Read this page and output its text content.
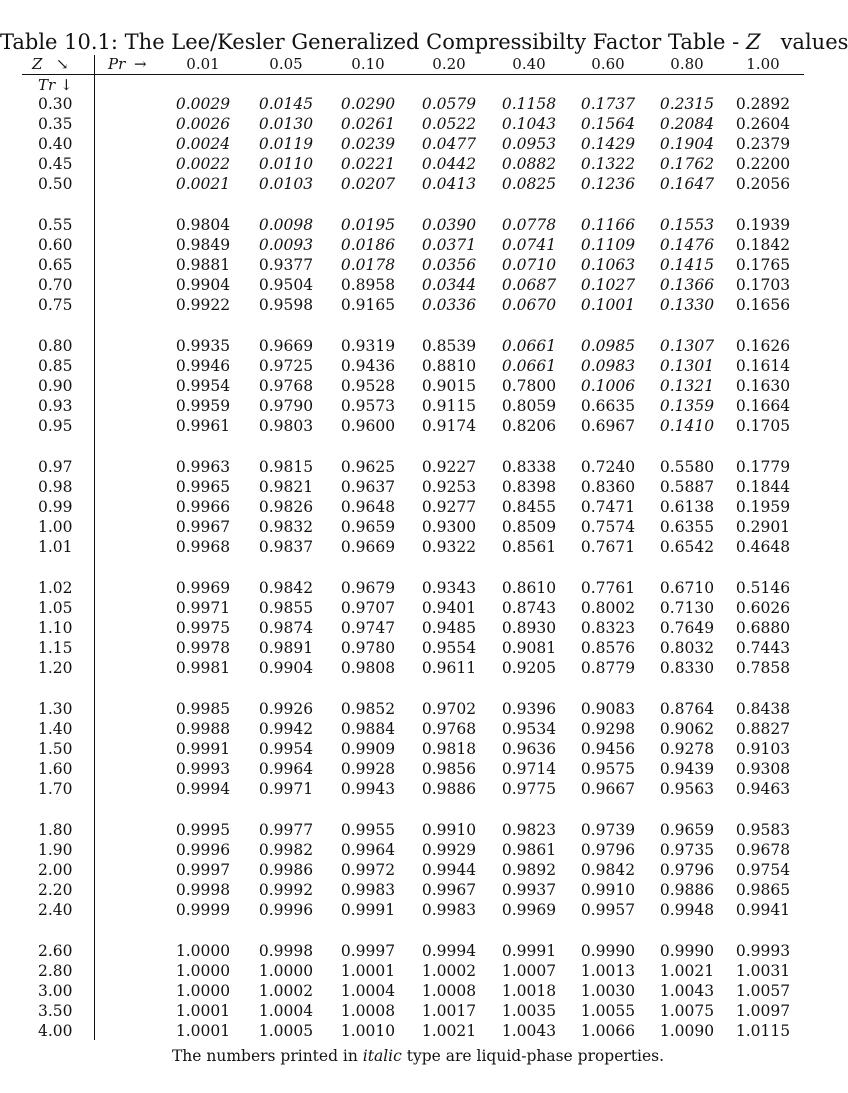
Table 10.1: The Lee/Kesler Generalized Compressibilty Factor Table - Z values
Z ↘	Pr →	0.01	0.05	0.10	0.20	0.40	0.60	0.80	1.00
Tr ↓
0.30	0.0029	0.0145	0.0290	0.0579	0.1158	0.1737	0.2315	0.2892
0.35	0.0026	0.0130	0.0261	0.0522	0.1043	0.1564	0.2084	0.2604
0.40	0.0024	0.0119	0.0239	0.0477	0.0953	0.1429	0.1904	0.2379
0.45	0.0022	0.0110	0.0221	0.0442	0.0882	0.1322	0.1762	0.2200
0.50	0.0021	0.0103	0.0207	0.0413	0.0825	0.1236	0.1647	0.2056
0.55	0.9804	0.0098	0.0195	0.0390	0.0778	0.1166	0.1553	0.1939
0.60	0.9849	0.0093	0.0186	0.0371	0.0741	0.1109	0.1476	0.1842
0.65	0.9881	0.9377	0.0178	0.0356	0.0710	0.1063	0.1415	0.1765
0.70	0.9904	0.9504	0.8958	0.0344	0.0687	0.1027	0.1366	0.1703
0.75	0.9922	0.9598	0.9165	0.0336	0.0670	0.1001	0.1330	0.1656
0.80	0.9935	0.9669	0.9319	0.8539	0.0661	0.0985	0.1307	0.1626
0.85	0.9946	0.9725	0.9436	0.8810	0.0661	0.0983	0.1301	0.1614
0.90	0.9954	0.9768	0.9528	0.9015	0.7800	0.1006	0.1321	0.1630
0.93	0.9959	0.9790	0.9573	0.9115	0.8059	0.6635	0.1359	0.1664
0.95	0.9961	0.9803	0.9600	0.9174	0.8206	0.6967	0.1410	0.1705
0.97	0.9963	0.9815	0.9625	0.9227	0.8338	0.7240	0.5580	0.1779
0.98	0.9965	0.9821	0.9637	0.9253	0.8398	0.8360	0.5887	0.1844
0.99	0.9966	0.9826	0.9648	0.9277	0.8455	0.7471	0.6138	0.1959
1.00	0.9967	0.9832	0.9659	0.9300	0.8509	0.7574	0.6355	0.2901
1.01	0.9968	0.9837	0.9669	0.9322	0.8561	0.7671	0.6542	0.4648
1.02	0.9969	0.9842	0.9679	0.9343	0.8610	0.7761	0.6710	0.5146
1.05	0.9971	0.9855	0.9707	0.9401	0.8743	0.8002	0.7130	0.6026
1.10	0.9975	0.9874	0.9747	0.9485	0.8930	0.8323	0.7649	0.6880
1.15	0.9978	0.9891	0.9780	0.9554	0.9081	0.8576	0.8032	0.7443
1.20	0.9981	0.9904	0.9808	0.9611	0.9205	0.8779	0.8330	0.7858
1.30	0.9985	0.9926	0.9852	0.9702	0.9396	0.9083	0.8764	0.8438
1.40	0.9988	0.9942	0.9884	0.9768	0.9534	0.9298	0.9062	0.8827
1.50	0.9991	0.9954	0.9909	0.9818	0.9636	0.9456	0.9278	0.9103
1.60	0.9993	0.9964	0.9928	0.9856	0.9714	0.9575	0.9439	0.9308
1.70	0.9994	0.9971	0.9943	0.9886	0.9775	0.9667	0.9563	0.9463
1.80	0.9995	0.9977	0.9955	0.9910	0.9823	0.9739	0.9659	0.9583
1.90	0.9996	0.9982	0.9964	0.9929	0.9861	0.9796	0.9735	0.9678
2.00	0.9997	0.9986	0.9972	0.9944	0.9892	0.9842	0.9796	0.9754
2.20	0.9998	0.9992	0.9983	0.9967	0.9937	0.9910	0.9886	0.9865
2.40	0.9999	0.9996	0.9991	0.9983	0.9969	0.9957	0.9948	0.9941
2.60	1.0000	0.9998	0.9997	0.9994	0.9991	0.9990	0.9990	0.9993
2.80	1.0000	1.0000	1.0001	1.0002	1.0007	1.0013	1.0021	1.0031
3.00	1.0000	1.0002	1.0004	1.0008	1.0018	1.0030	1.0043	1.0057
3.50	1.0001	1.0004	1.0008	1.0017	1.0035	1.0055	1.0075	1.0097
4.00	1.0001	1.0005	1.0010	1.0021	1.0043	1.0066	1.0090	1.0115
The numbers printed in italic type are liquid-phase properties.
